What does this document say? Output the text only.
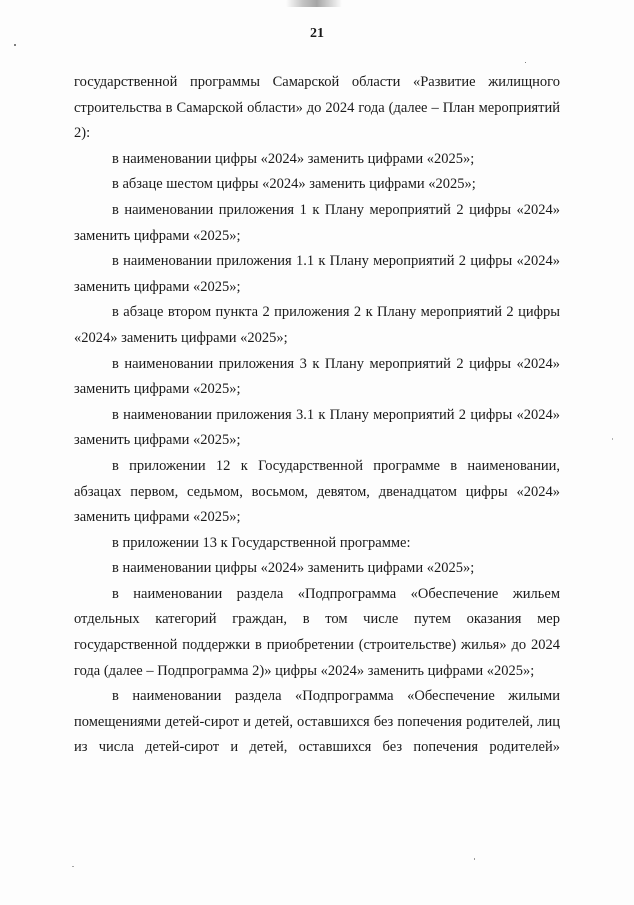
21

государственной программы Самарской области «Развитие жилищного строительства в Самарской области» до 2024 года (далее – План мероприятий 2):

в наименовании цифры «2024» заменить цифрами «2025»;

в абзаце шестом цифры «2024» заменить цифрами «2025»;

в наименовании приложения 1 к Плану мероприятий 2 цифры «2024» заменить цифрами «2025»;

в наименовании приложения 1.1 к Плану мероприятий 2 цифры «2024» заменить цифрами «2025»;

в абзаце втором пункта 2 приложения 2 к Плану мероприятий 2 цифры «2024» заменить цифрами «2025»;

в наименовании приложения 3 к Плану мероприятий 2 цифры «2024» заменить цифрами «2025»;

в наименовании приложения 3.1 к Плану мероприятий 2 цифры «2024» заменить цифрами «2025»;

в приложении 12 к Государственной программе в наименовании, абзацах первом, седьмом, восьмом, девятом, двенадцатом цифры «2024» заменить цифрами «2025»;

в приложении 13 к Государственной программе:

в наименовании цифры «2024» заменить цифрами «2025»;

в наименовании раздела «Подпрограмма «Обеспечение жильем отдельных категорий граждан, в том числе путем оказания мер государственной поддержки в приобретении (строительстве) жилья» до 2024 года (далее – Подпрограмма 2)» цифры «2024» заменить цифрами «2025»;

в наименовании раздела «Подпрограмма «Обеспечение жилыми помещениями детей-сирот и детей, оставшихся без попечения родителей, лиц из числа детей-сирот и детей, оставшихся без попечения родителей»
